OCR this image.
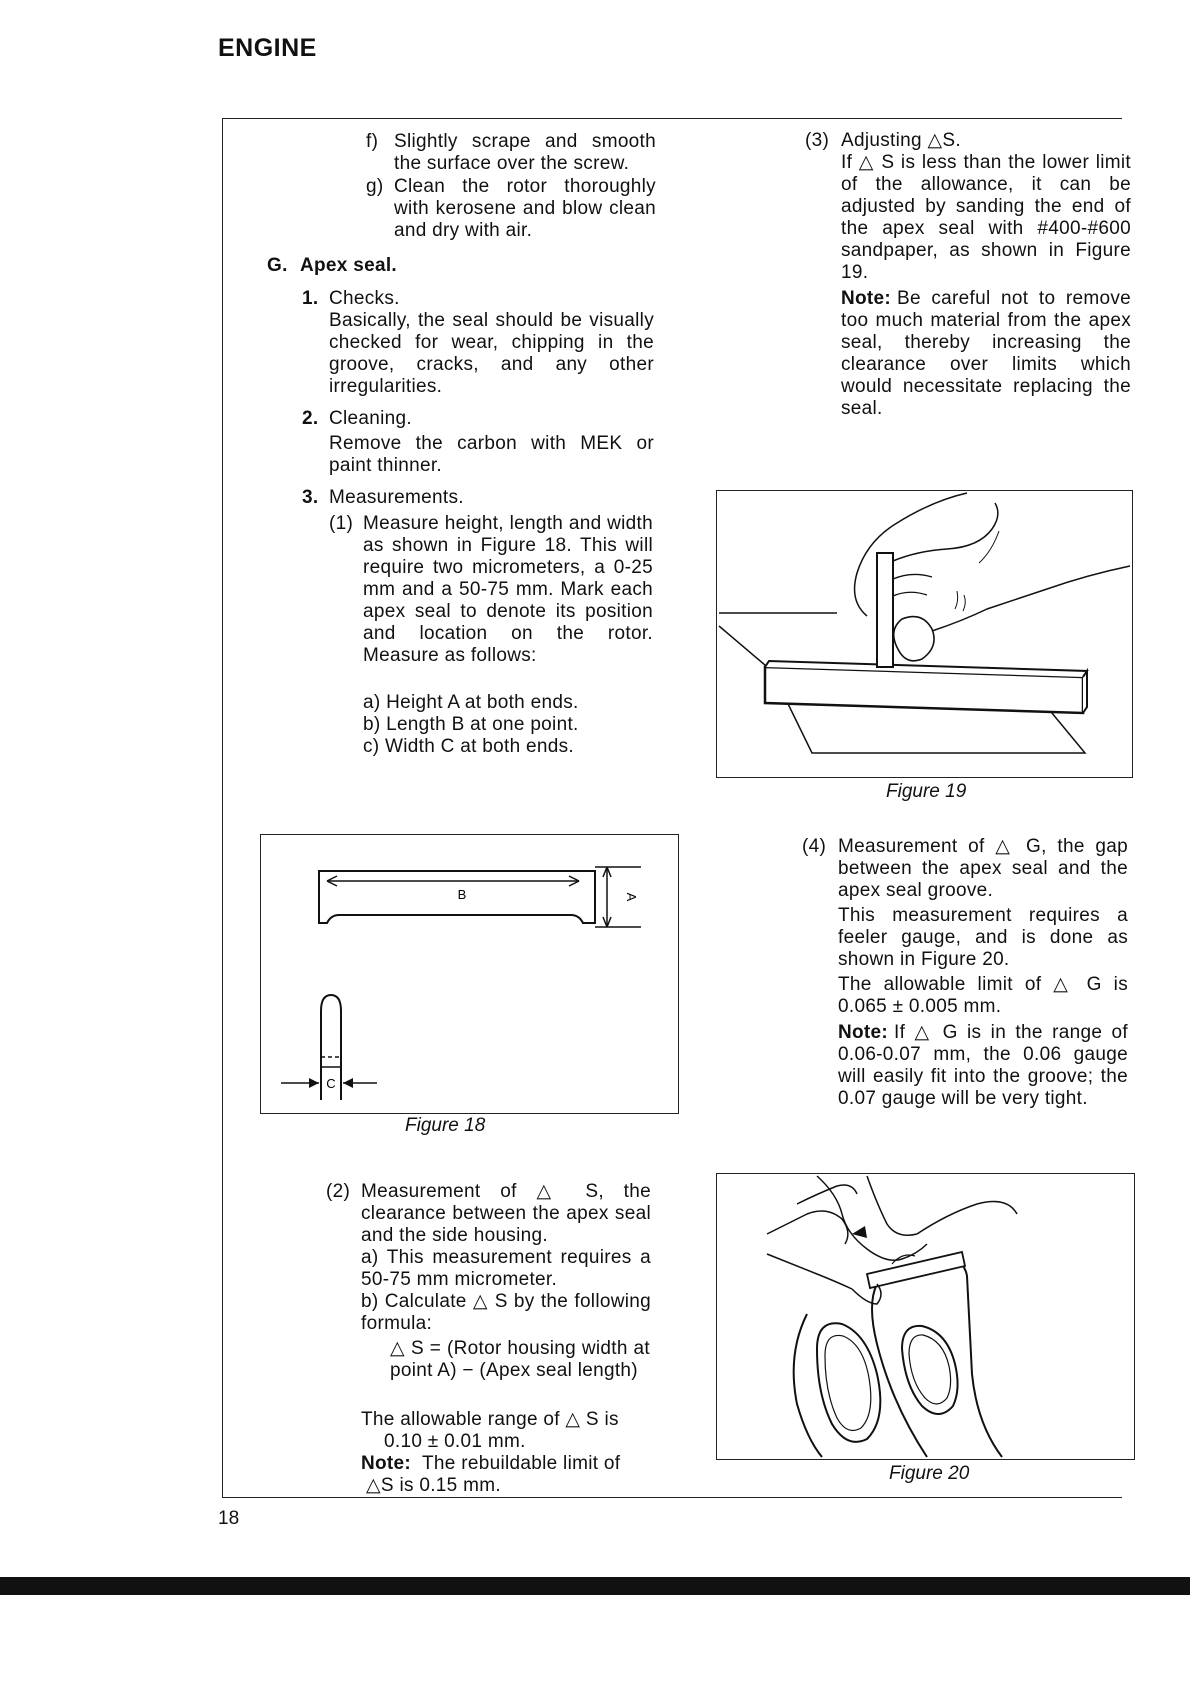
ENGINE
f) Slightly scrape and smooth the surface over the screw.
g) Clean the rotor thoroughly with kerosene and blow clean and dry with air.
G. Apex seal.
1. Checks.
Basically, the seal should be visually checked for wear, chipping in the groove, cracks, and any other irregularities.
2. Cleaning.
Remove the carbon with MEK or paint thinner.
3. Measurements.
(1) Measure height, length and width as shown in Figure 18. This will require two micrometers, a 0-25 mm and a 50-75 mm. Mark each apex seal to denote its position and location on the rotor. Measure as follows:
a) Height A at both ends.
b) Length B at one point.
c) Width C at both ends.
B	A
C
Figure 18
(2) Measurement of △ S, the clearance between the apex seal and the side housing.
a) This measurement requires a 50-75 mm micrometer.
b) Calculate △ S by the following formula:
△ S = (Rotor housing width at point A) − (Apex seal length)
The allowable range of △ S is
0.10 ± 0.01 mm.
Note: The rebuildable limit of
△S is 0.15 mm.
(3) Adjusting △S.
If △ S is less than the lower limit of the allowance, it can be adjusted by sanding the end of the apex seal with #400-#600 sandpaper, as shown in Figure 19.
Note: Be careful not to remove too much material from the apex seal, thereby increasing the clearance over limits which would necessitate replacing the seal.
Figure 19
(4) Measurement of △ G, the gap between the apex seal and the apex seal groove.
This measurement requires a feeler gauge, and is done as shown in Figure 20.
The allowable limit of △ G is 0.065 ± 0.005 mm.
Note: If △ G is in the range of 0.06-0.07 mm, the 0.06 gauge will easily fit into the groove; the 0.07 gauge will be very tight.
Figure 20
18
